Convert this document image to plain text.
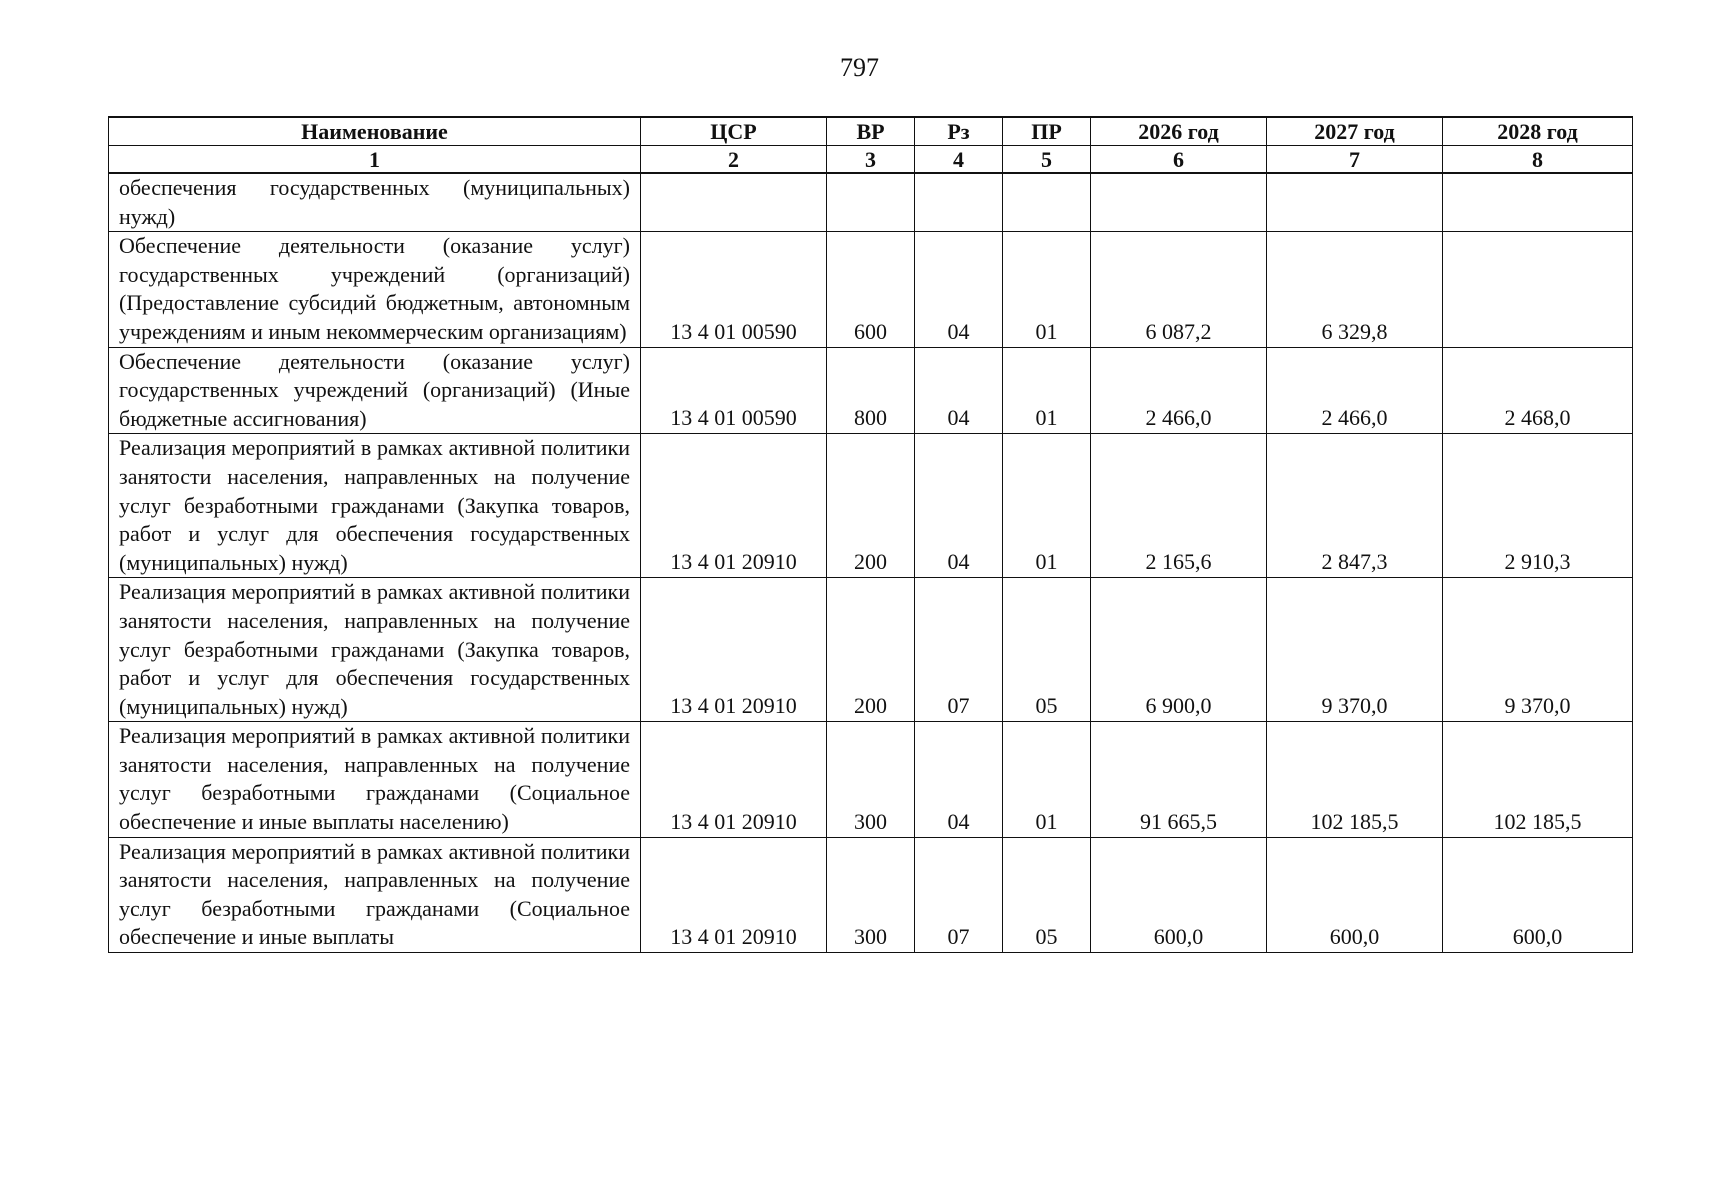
797
Наименование	ЦСР	ВР	Рз	ПР	2026 год	2027 год	2028 год
1	2	3	4	5	6	7	8
обеспечения государственных (муниципальных) нужд)							
Обеспечение деятельности (оказание услуг) государственных учреждений (организаций) (Предоставление субсидий бюджетным, автономным учреждениям и иным некоммерческим организациям)	13 4 01 00590	600	04	01	6 087,2	6 329,8	
Обеспечение деятельности (оказание услуг) государственных учреждений (организаций) (Иные бюджетные ассигнования)	13 4 01 00590	800	04	01	2 466,0	2 466,0	2 468,0
Реализация мероприятий в рамках активной политики занятости населения, направленных на получение услуг безработными гражданами (Закупка товаров, работ и услуг для обеспечения государственных (муниципальных) нужд)	13 4 01 20910	200	04	01	2 165,6	2 847,3	2 910,3
Реализация мероприятий в рамках активной политики занятости населения, направленных на получение услуг безработными гражданами (Закупка товаров, работ и услуг для обеспечения государственных (муниципальных) нужд)	13 4 01 20910	200	07	05	6 900,0	9 370,0	9 370,0
Реализация мероприятий в рамках активной политики занятости населения, направленных на получение услуг безработными гражданами (Социальное обеспечение и иные выплаты населению)	13 4 01 20910	300	04	01	91 665,5	102 185,5	102 185,5
Реализация мероприятий в рамках активной политики занятости населения, направленных на получение услуг безработными гражданами (Социальное обеспечение и иные выплаты	13 4 01 20910	300	07	05	600,0	600,0	600,0
